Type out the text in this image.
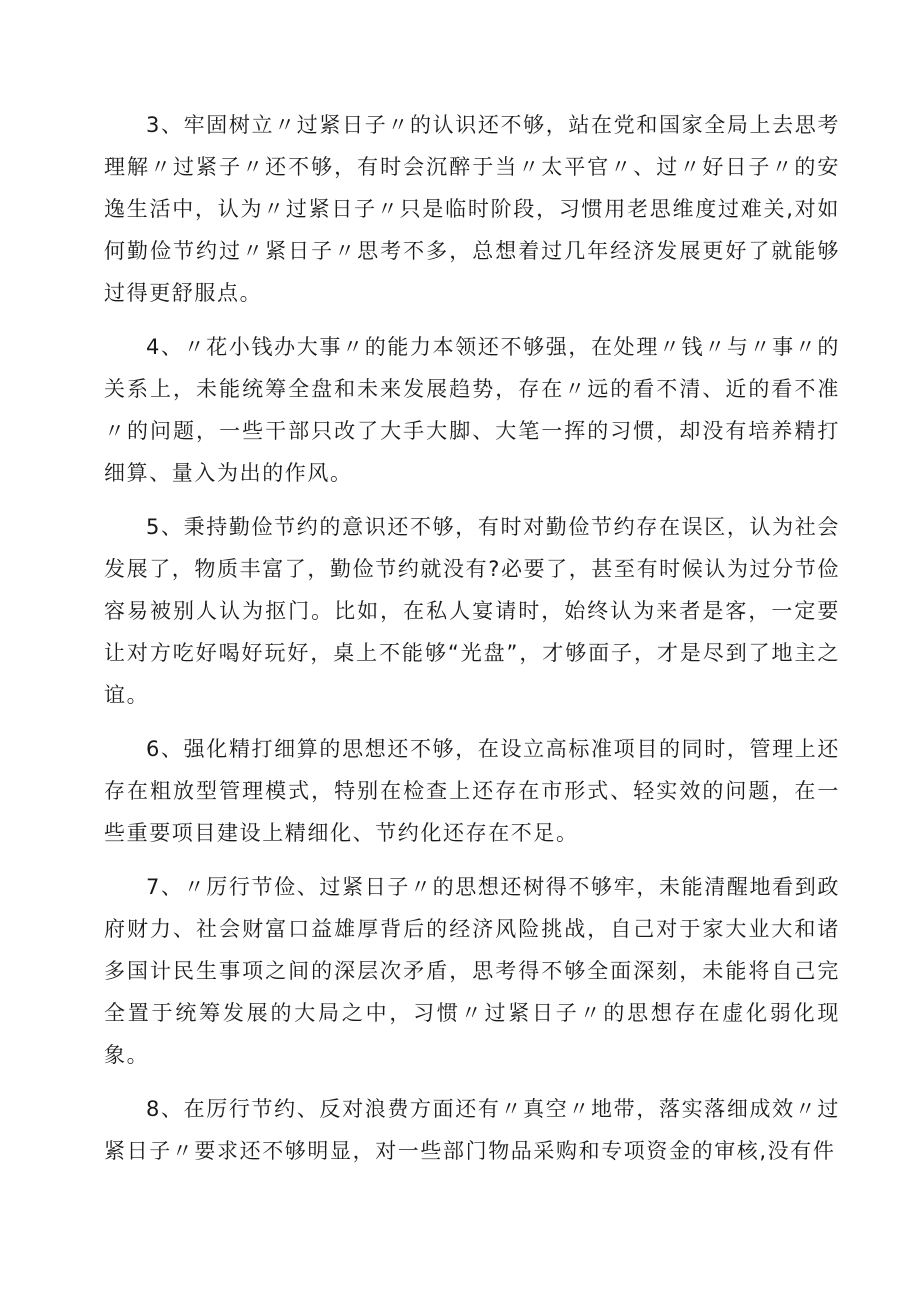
3、牢固树立〃过紧日子〃的认识还不够，站在党和国家全局上去思考理解〃过紧子〃还不够，有时会沉醉于当〃太平官〃、过〃好日子〃的安逸生活中，认为〃过紧日子〃只是临时阶段，习惯用老思维度过难关,对如何勤俭节约过〃紧日子〃思考不多，总想着过几年经济发展更好了就能够过得更舒服点。

4、〃花小钱办大事〃的能力本领还不够强，在处理〃钱〃与〃事〃的关系上，未能统筹全盘和未来发展趋势，存在〃远的看不清、近的看不准〃的问题，一些干部只改了大手大脚、大笔一挥的习惯，却没有培养精打细算、量入为出的作风。

5、秉持勤俭节约的意识还不够，有时对勤俭节约存在误区，认为社会发展了，物质丰富了，勤俭节约就没有?必要了，甚至有时候认为过分节俭容易被别人认为抠门。比如，在私人宴请时，始终认为来者是客，一定要让对方吃好喝好玩好，桌上不能够“光盘”，才够面子，才是尽到了地主之谊。

6、强化精打细算的思想还不够，在设立高标准项目的同时，管理上还存在粗放型管理模式，特别在检查上还存在市形式、轻实效的问题，在一些重要项目建设上精细化、节约化还存在不足。

7、〃厉行节俭、过紧日子〃的思想还树得不够牢，未能清醒地看到政府财力、社会财富口益雄厚背后的经济风险挑战，自己对于家大业大和诸多国计民生事项之间的深层次矛盾，思考得不够全面深刻，未能将自己完全置于统筹发展的大局之中，习惯〃过紧日子〃的思想存在虚化弱化现象。

8、在厉行节约、反对浪费方面还有〃真空〃地带，落实落细成效〃过紧日子〃要求还不够明显，对一些部门物品采购和专项资金的审核,没有件
